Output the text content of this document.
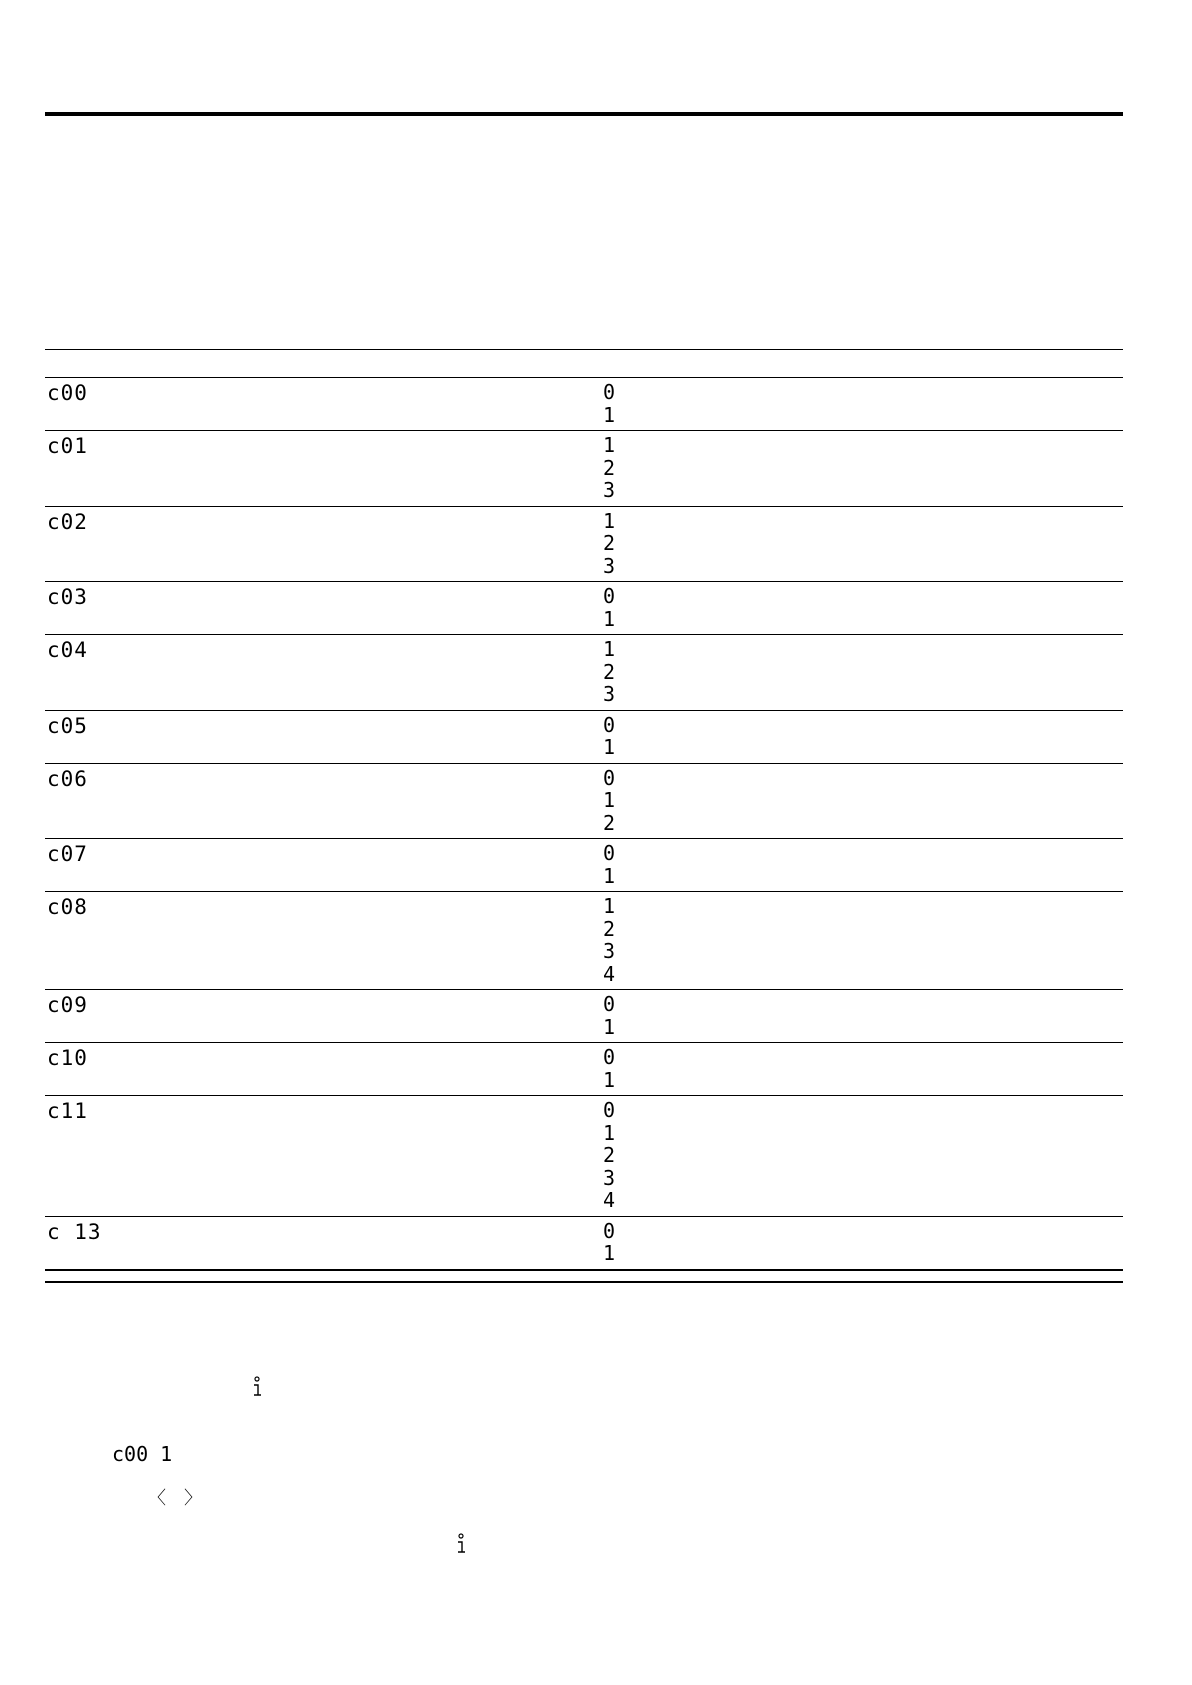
c00	0
1
c01	1
2
3
c02	1
2
3
c03	0
1
c04	1
2
3
c05	0
1
c06	0
1
2
c07	0
1
c08	1
2
3
4
c09	0
1
c10	0
1
c11	0
1
2
3
4
c 13	0
1
c00 1
〈 〉
